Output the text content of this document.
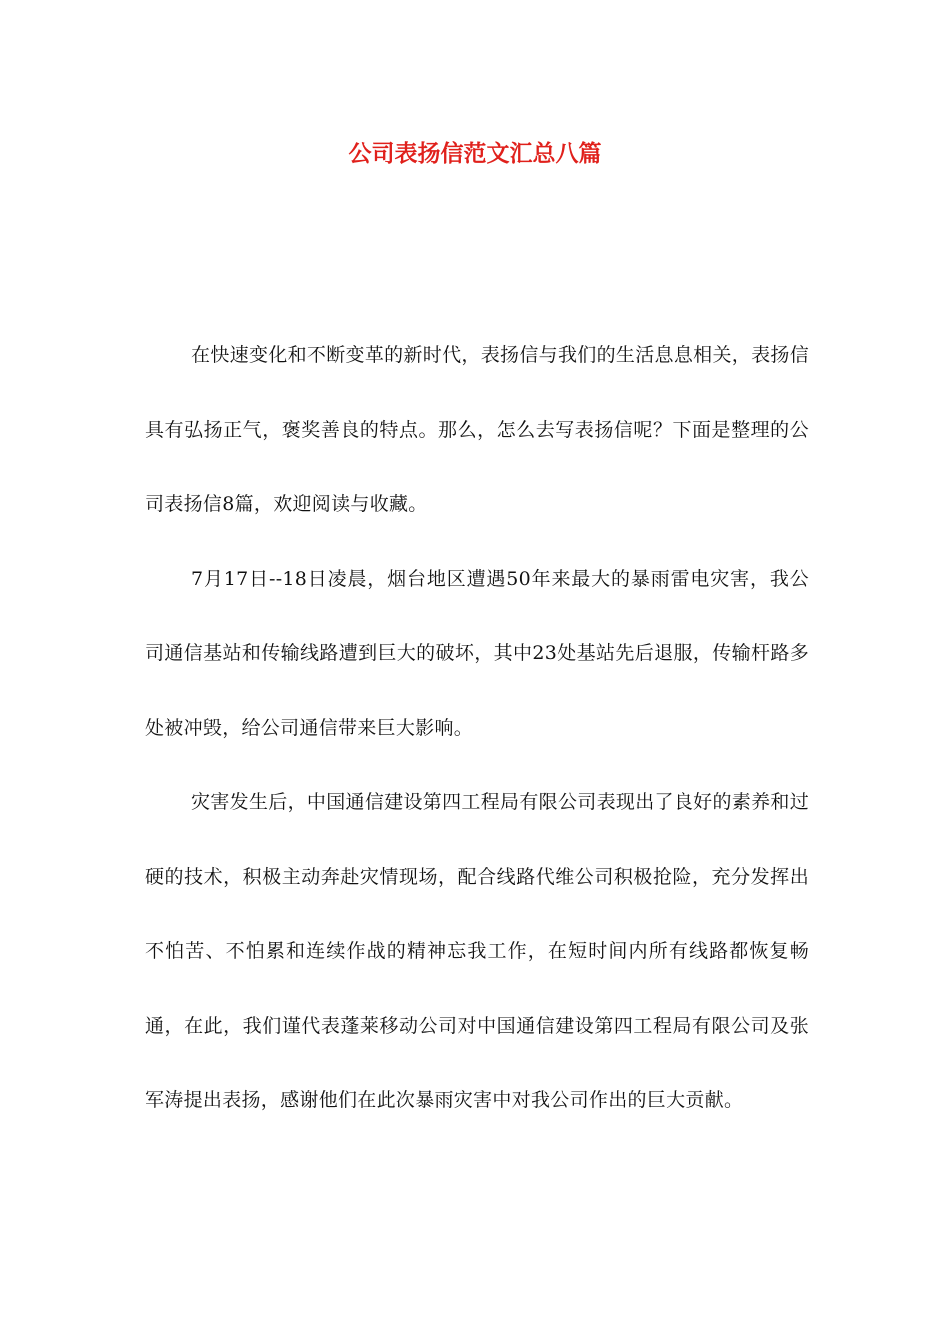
公司表扬信范文汇总八篇

在快速变化和不断变革的新时代，表扬信与我们的生活息息相关，表扬信具有弘扬正气，褒奖善良的特点。那么，怎么去写表扬信呢？下面是整理的公司表扬信8篇，欢迎阅读与收藏。

7月17日--18日凌晨，烟台地区遭遇50年来最大的暴雨雷电灾害，我公司通信基站和传输线路遭到巨大的破坏，其中23处基站先后退服，传输杆路多处被冲毁，给公司通信带来巨大影响。

灾害发生后，中国通信建设第四工程局有限公司表现出了良好的素养和过硬的技术，积极主动奔赴灾情现场，配合线路代维公司积极抢险，充分发挥出不怕苦、不怕累和连续作战的精神忘我工作，在短时间内所有线路都恢复畅通，在此，我们谨代表蓬莱移动公司对中国通信建设第四工程局有限公司及张军涛提出表扬，感谢他们在此次暴雨灾害中对我公司作出的巨大贡献。
